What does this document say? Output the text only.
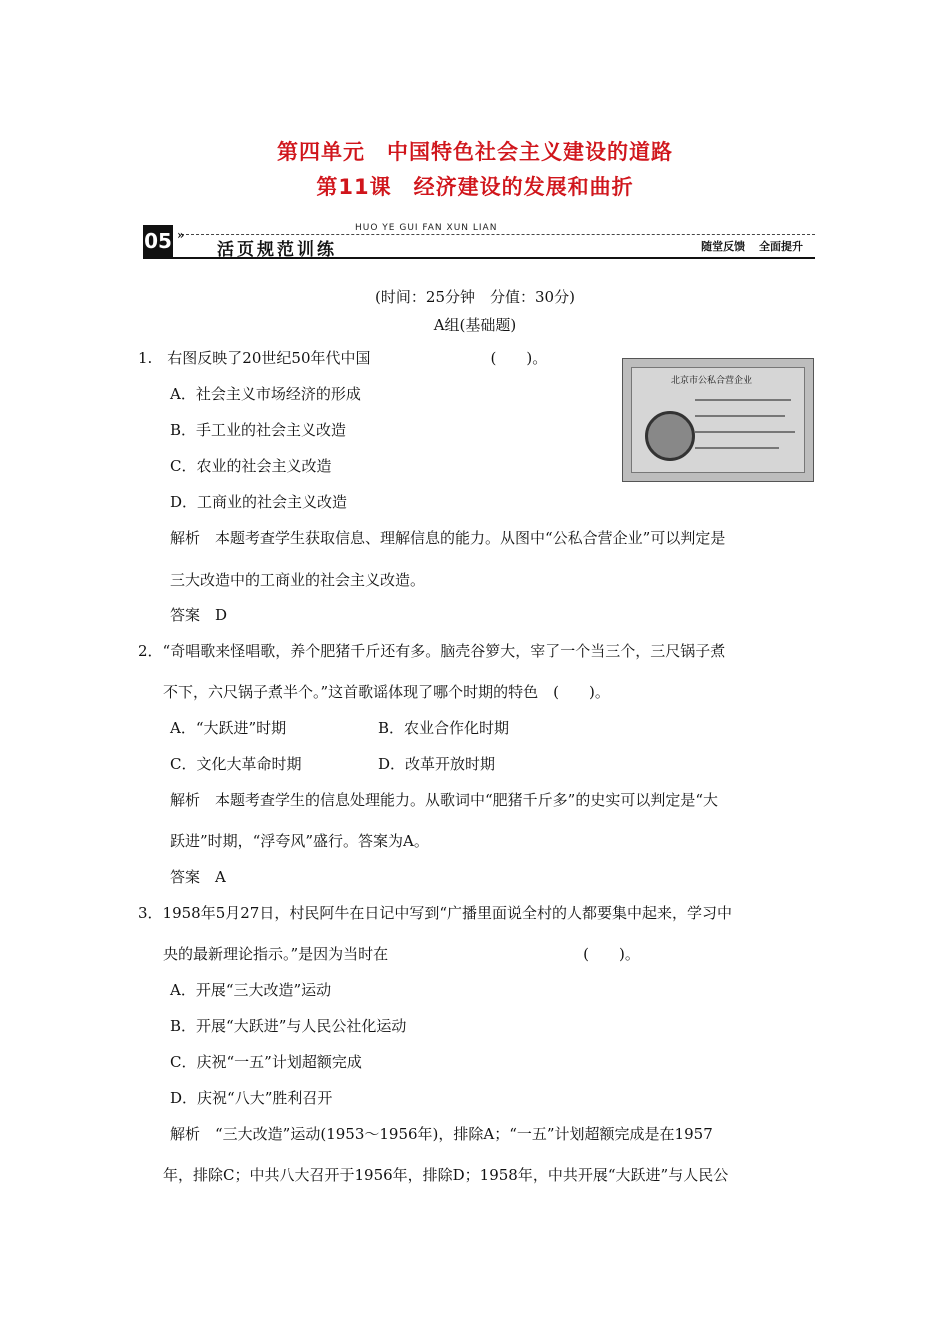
第四单元　中国特色社会主义建设的道路
第11课　经济建设的发展和曲折
HUO YE GUI FAN XUN LIAN
05 »
活页规范训练	随堂反馈 全面提升
(时间：25分钟　分值：30分)
A组(基础题)
北京市公私合营企业
1.　右图反映了20世纪50年代中国　　　　　　　　(　　)。
A．社会主义市场经济的形成
B．手工业的社会主义改造
C．农业的社会主义改造
D．工商业的社会主义改造
解析　本题考查学生获取信息、理解信息的能力。从图中“公私合营企业”可以判定是
三大改造中的工商业的社会主义改造。
答案　D
2．“奇唱歌来怪唱歌，养个肥猪千斤还有多。脑壳谷箩大，宰了一个当三个，三尺锅子煮
不下，六尺锅子煮半个。”这首歌谣体现了哪个时期的特色　(　　)。
A．“大跃进”时期	B．农业合作化时期
C．文化大革命时期	D．改革开放时期
解析　本题考查学生的信息处理能力。从歌词中“肥猪千斤多”的史实可以判定是“大
跃进”时期，“浮夸风”盛行。答案为A。
答案　A
3．1958年5月27日，村民阿牛在日记中写到“广播里面说全村的人都要集中起来，学习中
央的最新理论指示。”是因为当时在　　　　　　　　　　　　　(　　)。
A．开展“三大改造”运动
B．开展“大跃进”与人民公社化运动
C．庆祝“一五”计划超额完成
D．庆祝“八大”胜利召开
解析　“三大改造”运动(1953～1956年)，排除A；“一五”计划超额完成是在1957
年，排除C；中共八大召开于1956年，排除D；1958年，中共开展“大跃进”与人民公
